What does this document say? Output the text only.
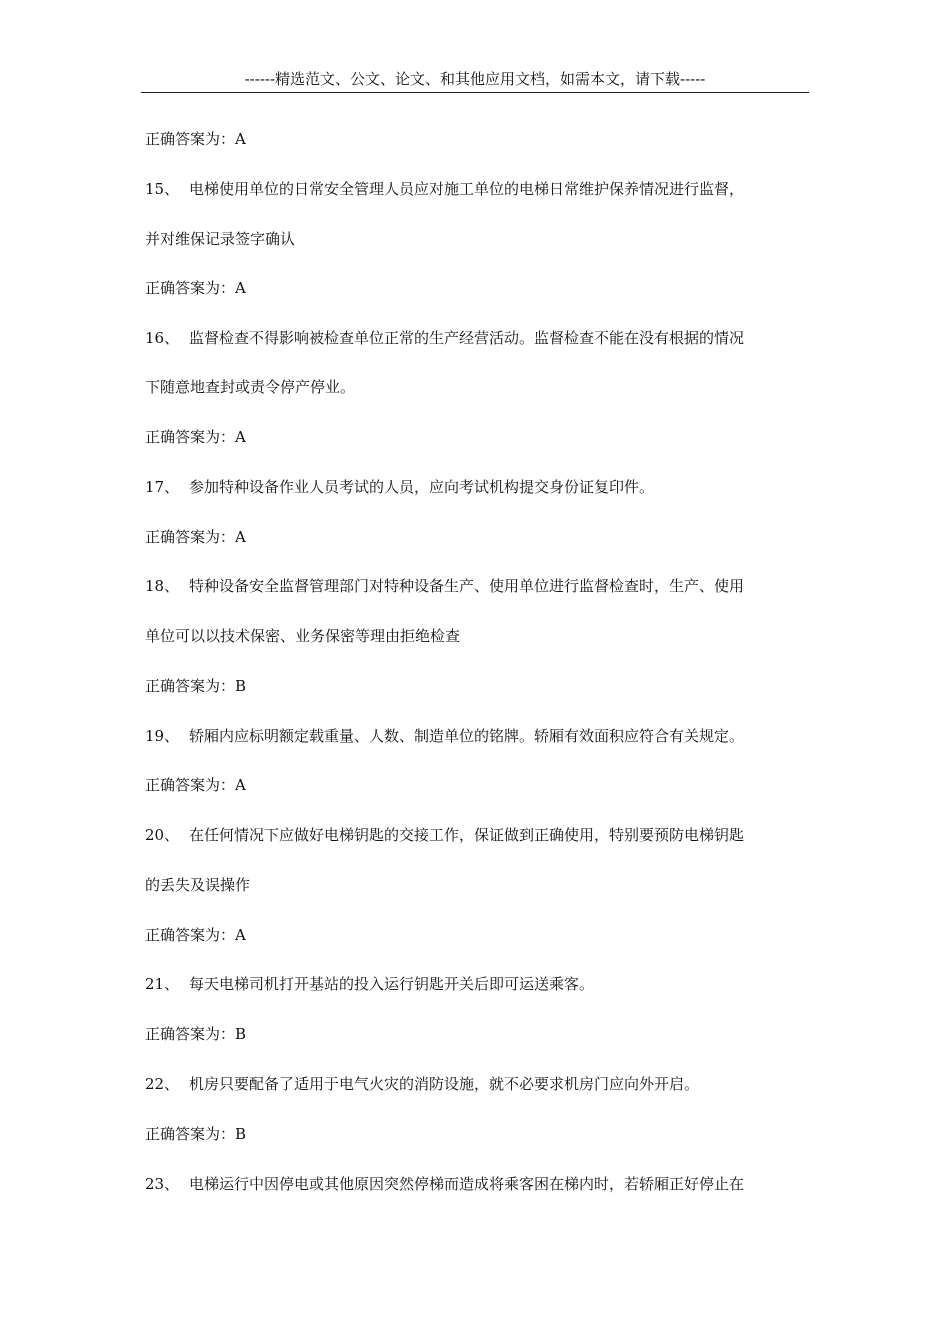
------精选范文、公文、论文、和其他应用文档，如需本文，请下载-----
正确答案为：A
15、 电梯使用单位的日常安全管理人员应对施工单位的电梯日常维护保养情况进行监督，
并对维保记录签字确认
正确答案为：A
16、 监督检查不得影响被检查单位正常的生产经营活动。监督检查不能在没有根据的情况
下随意地查封或责令停产停业。
正确答案为：A
17、 参加特种设备作业人员考试的人员，应向考试机构提交身份证复印件。
正确答案为：A
18、 特种设备安全监督管理部门对特种设备生产、使用单位进行监督检查时，生产、使用
单位可以以技术保密、业务保密等理由拒绝检查
正确答案为：B
19、 轿厢内应标明额定载重量、人数、制造单位的铭牌。轿厢有效面积应符合有关规定。
正确答案为：A
20、 在任何情况下应做好电梯钥匙的交接工作，保证做到正确使用，特别要预防电梯钥匙
的丢失及误操作
正确答案为：A
21、 每天电梯司机打开基站的投入运行钥匙开关后即可运送乘客。
正确答案为：B
22、 机房只要配备了适用于电气火灾的消防设施，就不必要求机房门应向外开启。
正确答案为：B
23、 电梯运行中因停电或其他原因突然停梯而造成将乘客困在梯内时，若轿厢正好停止在
